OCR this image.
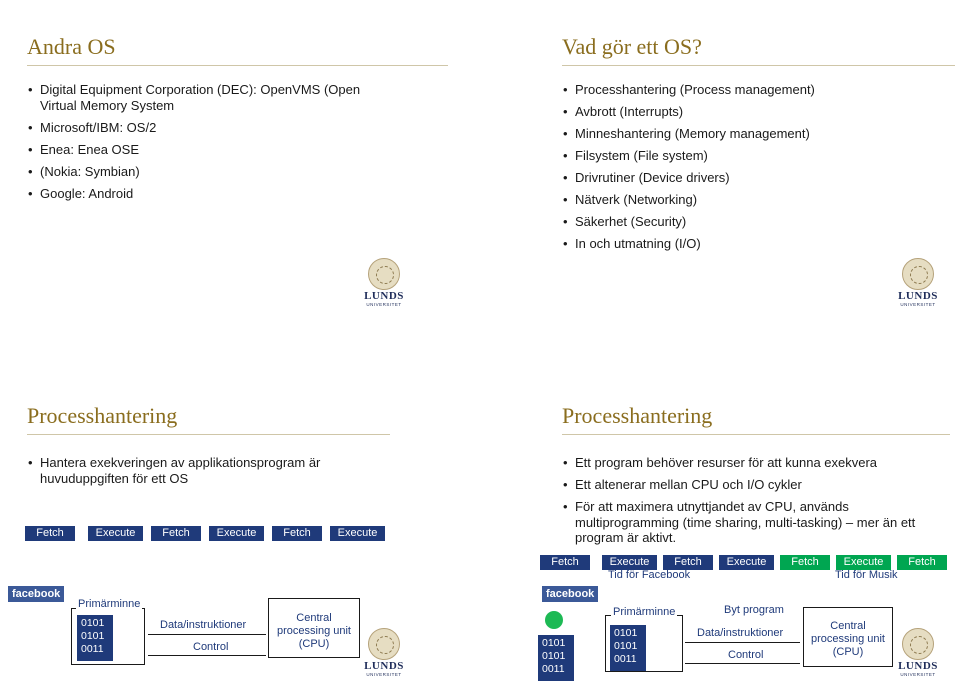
Andra OS
• Digital Equipment Corporation (DEC): OpenVMS (Open
Virtual Memory System
• Microsoft/IBM: OS/2
• Enea: Enea OSE
• (Nokia: Symbian)
• Google: Android
LUNDS
UNIVERSITET
Vad gör ett OS?
• Processhantering (Process management)
• Avbrott (Interrupts)
• Minneshantering (Memory management)
• Filsystem (File system)
• Drivrutiner (Device drivers)
• Nätverk (Networking)
• Säkerhet (Security)
• In och utmatning (I/O)
LUNDS
UNIVERSITET
Processhantering
• Hantera exekveringen av applikationsprogram är
huvuduppgiften för ett OS
Fetch	Execute	Fetch	Execute	Fetch	Execute
facebook
Primärminne
0101
0101
0011
Data/instruktioner
Control
Central
processing unit
(CPU)
LUNDS
UNIVERSITET
Processhantering
• Ett program behöver resurser för att kunna exekvera
• Ett altenerar mellan CPU och I/O cykler
• För att maximera utnyttjandet av CPU, används multiprogramming (time sharing, multi-tasking) – mer än ett program är aktivt.
Fetch	Execute	Fetch	Execute	Fetch	Execute	Fetch
Tid för Facebook	Tid för Musik
facebook
0101
0101
0011
Primärminne
0101
0101
0011
Byt program
Data/instruktioner
Control
Central
processing unit
(CPU)
LUNDS
UNIVERSITET
